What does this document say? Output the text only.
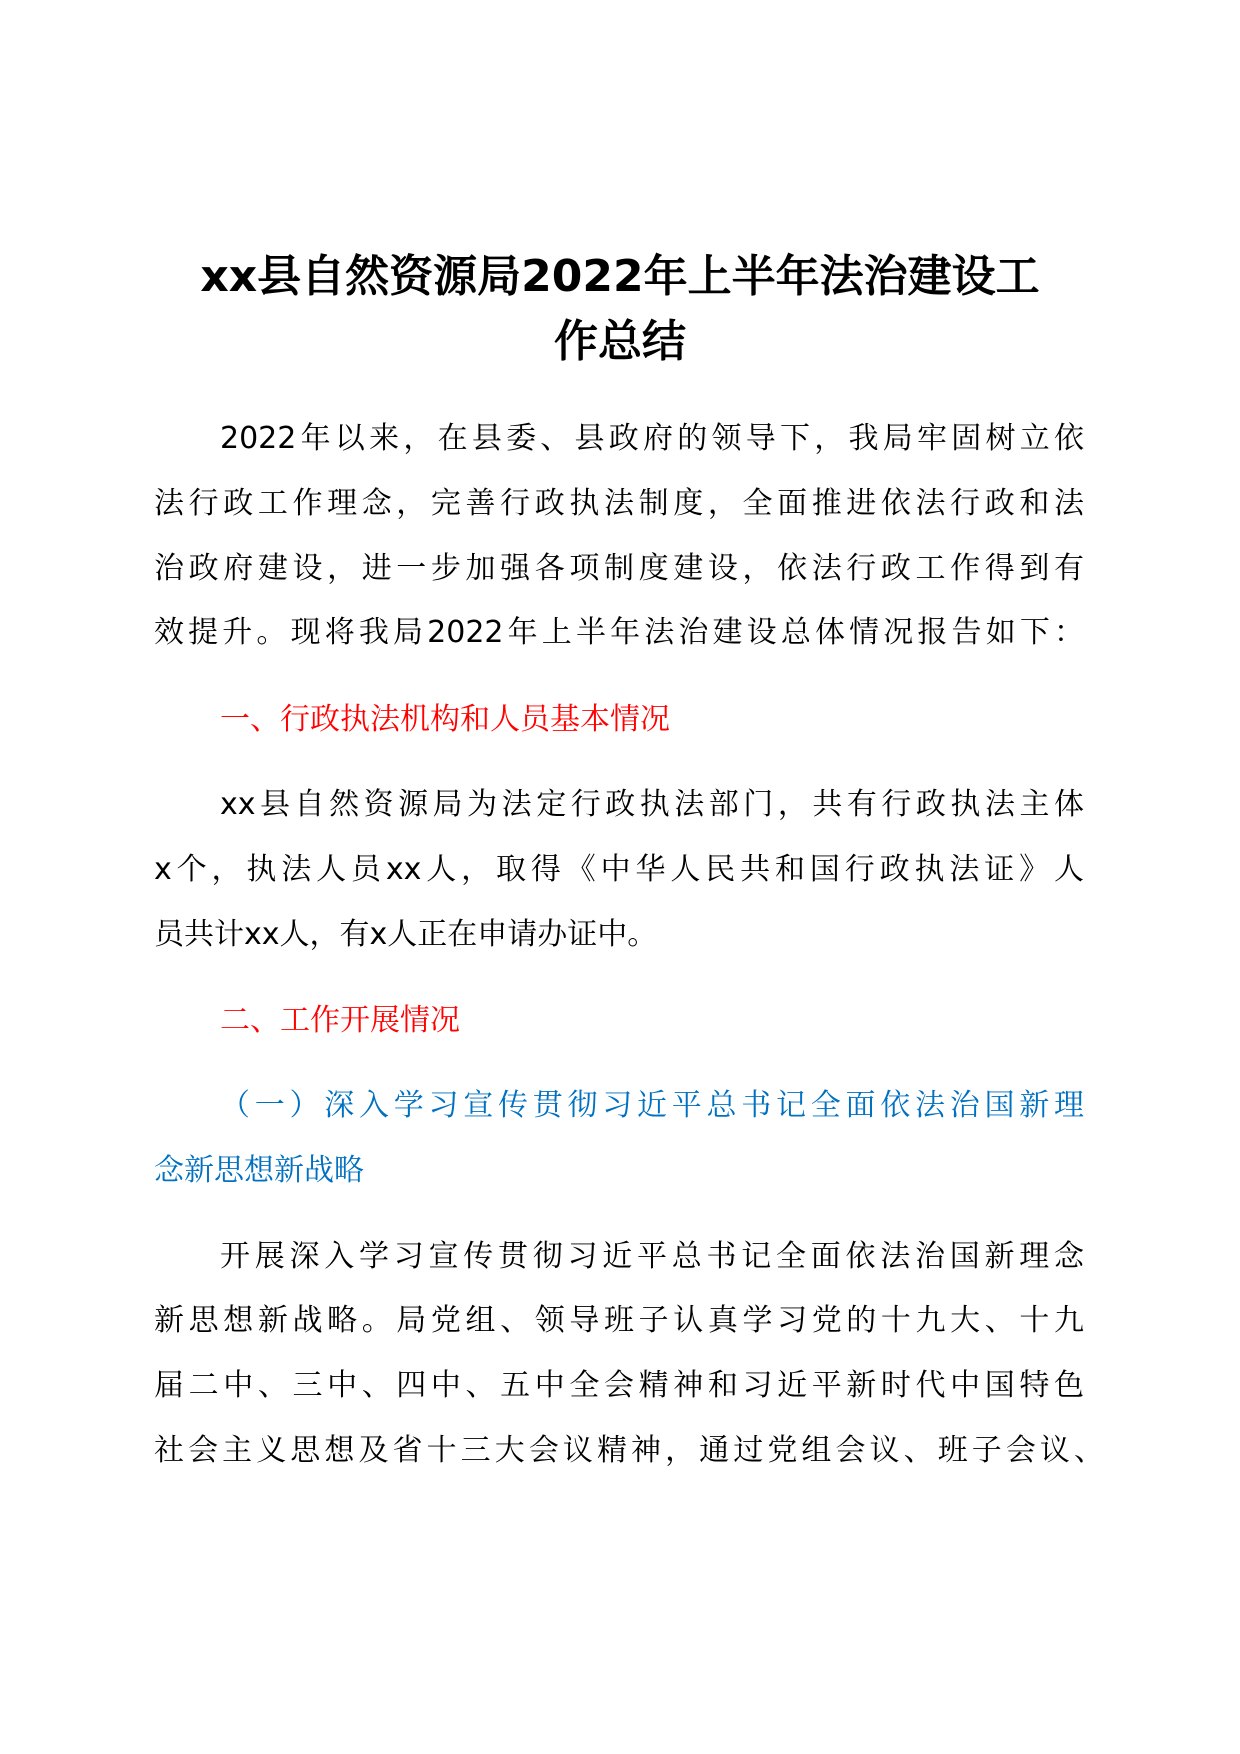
xx县自然资源局2022年上半年法治建设工
作总结
2022年以来，在县委、县政府的领导下，我局牢固树立依
法行政工作理念，完善行政执法制度，全面推进依法行政和法
治政府建设，进一步加强各项制度建设，依法行政工作得到有
效提升。现将我局2022年上半年法治建设总体情况报告如下：
一、行政执法机构和人员基本情况
xx县自然资源局为法定行政执法部门，共有行政执法主体
x个，执法人员xx人，取得《中华人民共和国行政执法证》人
员共计xx人，有x人正在申请办证中。
二、工作开展情况
（一）深入学习宣传贯彻习近平总书记全面依法治国新理
念新思想新战略
开展深入学习宣传贯彻习近平总书记全面依法治国新理念
新思想新战略。局党组、领导班子认真学习党的十九大、十九
届二中、三中、四中、五中全会精神和习近平新时代中国特色
社会主义思想及省十三大会议精神，通过党组会议、班子会议、
